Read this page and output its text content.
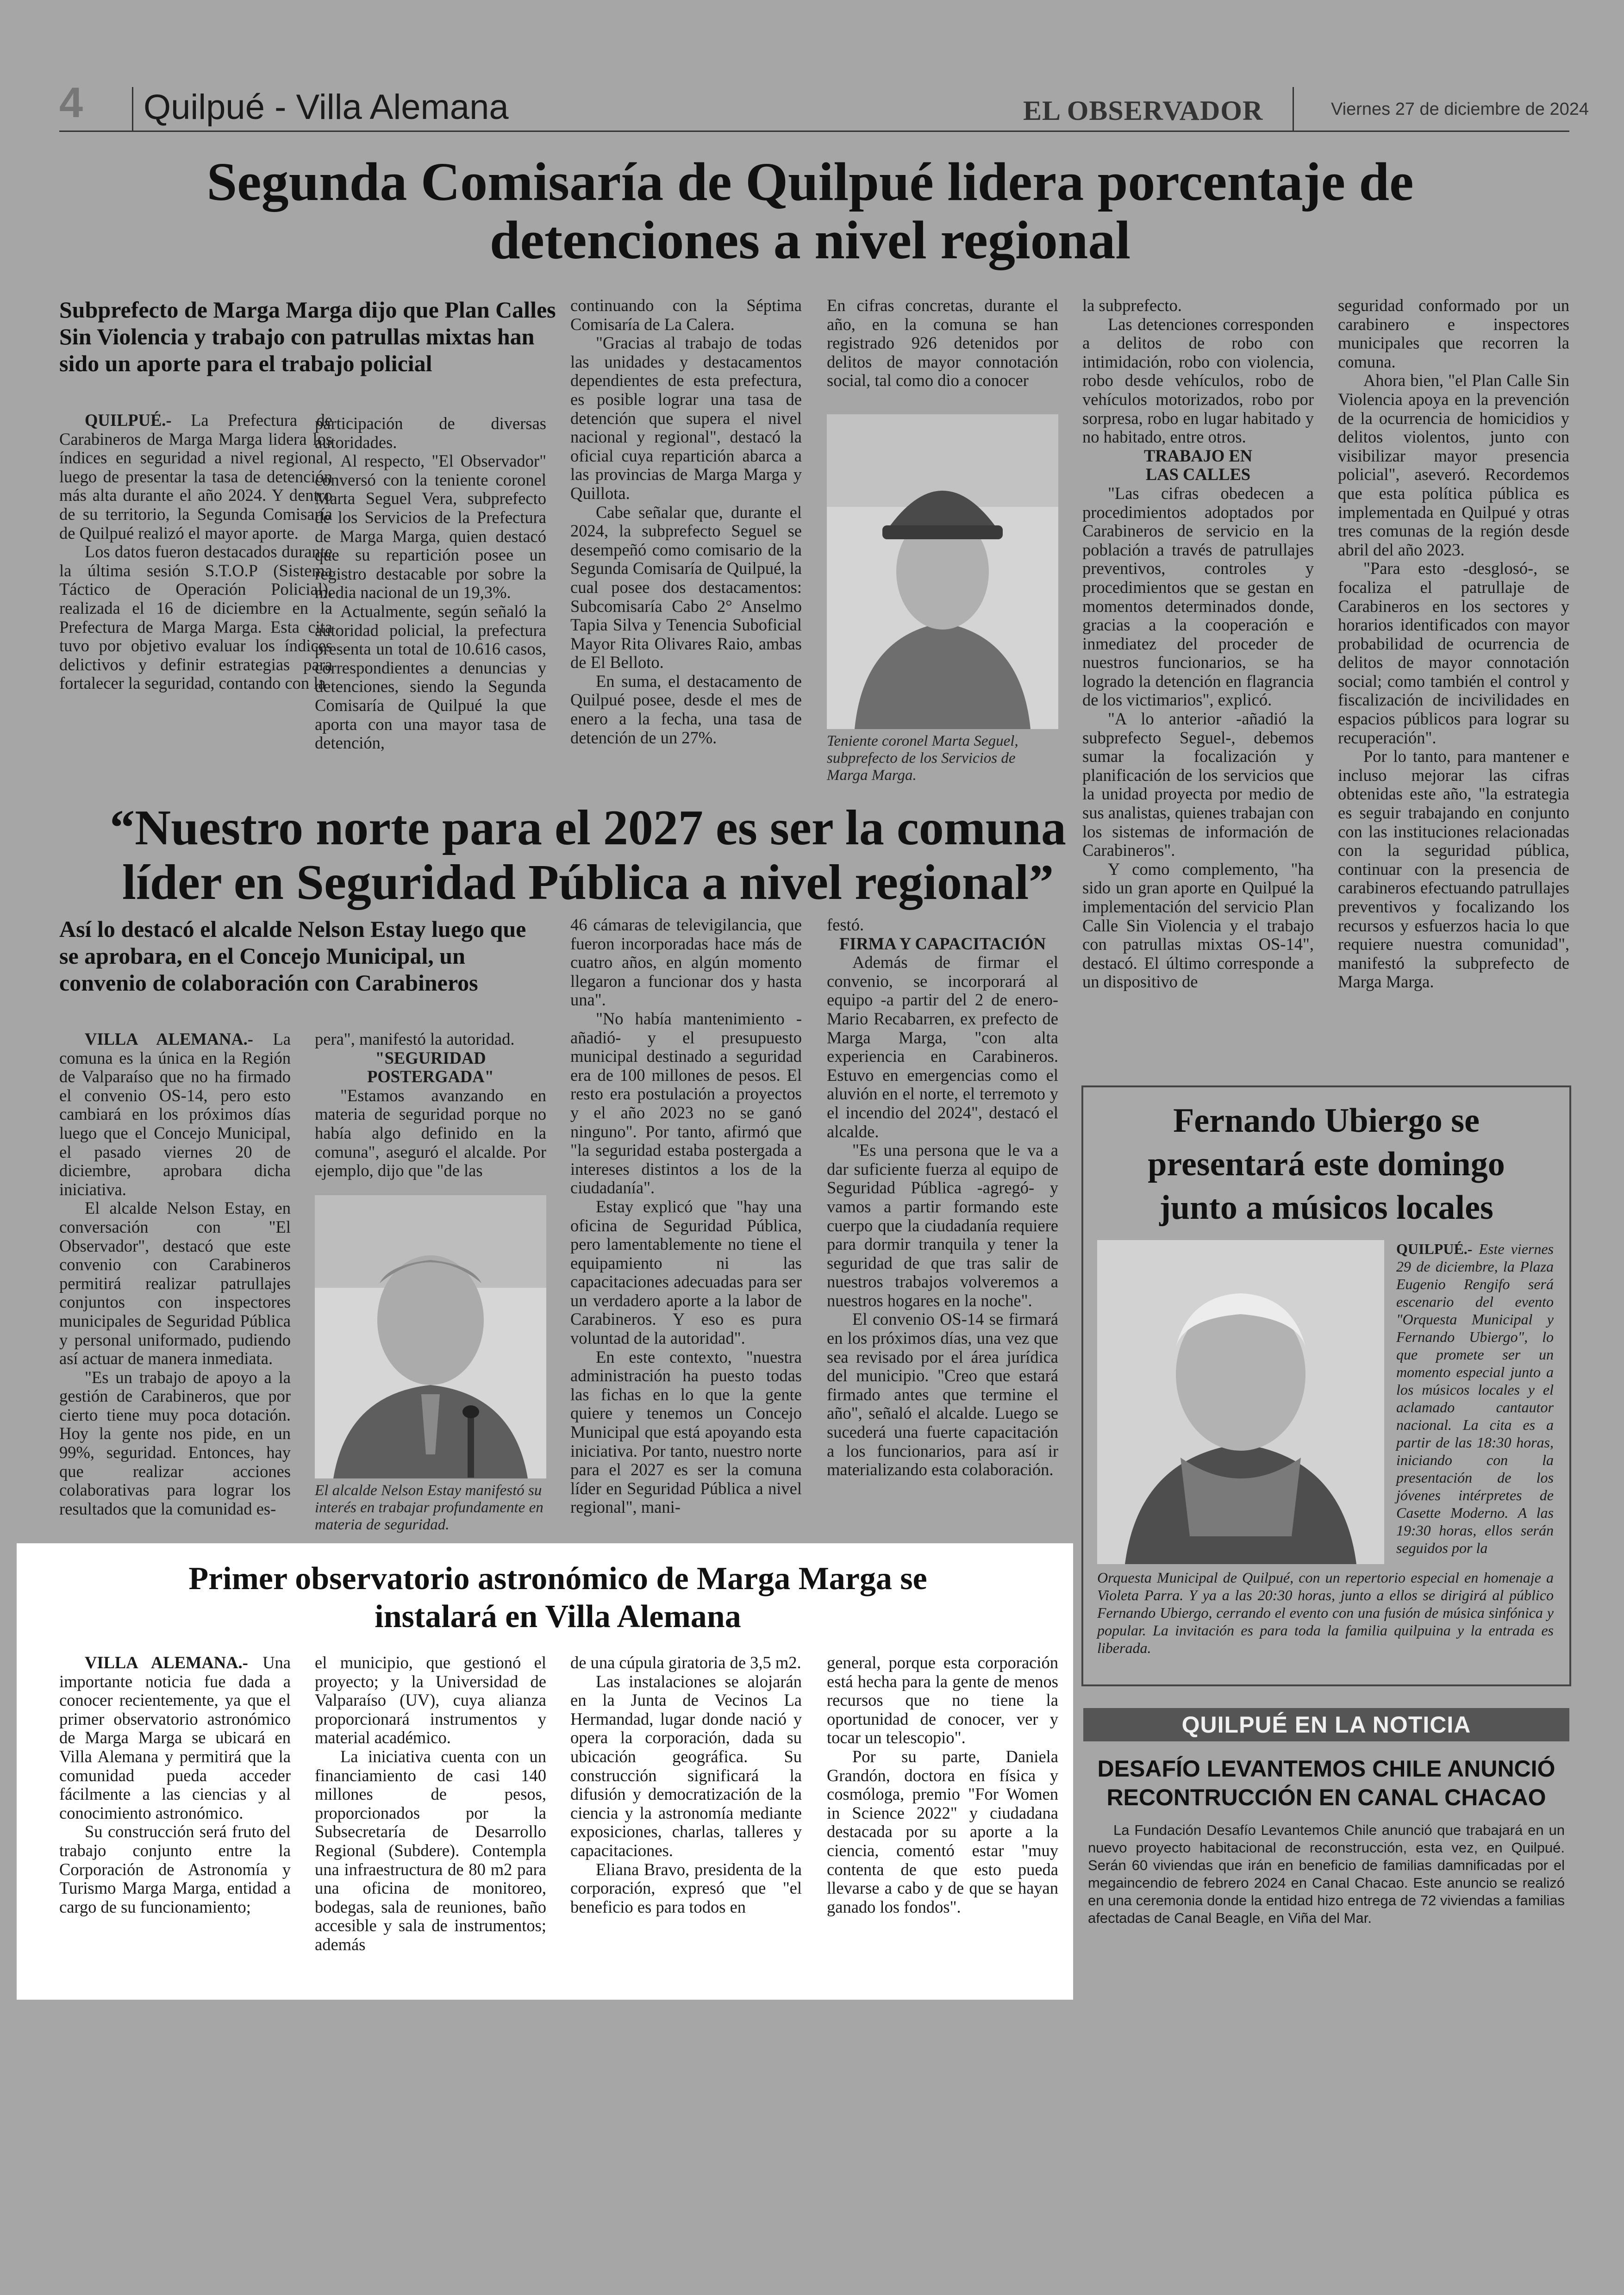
4 Quilpué - Villa Alemana	EL OBSERVADOR	Viernes 27 de diciembre de 2024
Segunda Comisaría de Quilpué lidera porcentaje de detenciones a nivel regional
Subprefecto de Marga Marga dijo que Plan Calles Sin Violencia y trabajo con patrullas mixtas han sido un aporte para el trabajo policial

QUILPUÉ.- La Prefectura de Carabineros de Marga Marga lidera los índices en seguridad a nivel regional, luego de presentar la tasa de detención más alta durante el año 2024. Y dentro de su territorio, la Segunda Comisaría de Quilpué realizó el mayor aporte.

Los datos fueron destacados durante la última sesión S.T.O.P (Sistema Táctico de Operación Policial), realizada el 16 de diciembre en la Prefectura de Marga Marga. Esta cita tuvo por objetivo evaluar los índices delictivos y definir estrategias para fortalecer la seguridad, contando con la

participación de diversas autoridades.

Al respecto, "El Observador" conversó con la teniente coronel Marta Seguel Vera, subprefecto de los Servicios de la Prefectura de Marga Marga, quien destacó que su repartición posee un registro destacable por sobre la media nacional de un 19,3%.

Actualmente, según señaló la autoridad policial, la prefectura presenta un total de 10.616 casos, correspondientes a denuncias y detenciones, siendo la Segunda Comisaría de Quilpué la que aporta con una mayor tasa de detención,

continuando con la Séptima Comisaría de La Calera.

"Gracias al trabajo de todas las unidades y destacamentos dependientes de esta prefectura, es posible lograr una tasa de detención que supera el nivel nacional y regional", destacó la oficial cuya repartición abarca a las provincias de Marga Marga y Quillota.

Cabe señalar que, durante el 2024, la subprefecto Seguel se desempeñó como comisario de la Segunda Comisaría de Quilpué, la cual posee dos destacamentos: Subcomisaría Cabo 2° Anselmo Tapia Silva y Tenencia Suboficial Mayor Rita Olivares Raio, ambas de El Belloto.

En suma, el destacamento de Quilpué posee, desde el mes de enero a la fecha, una tasa de detención de un 27%.

En cifras concretas, durante el año, en la comuna se han registrado 926 detenidos por delitos de mayor connotación social, tal como dio a conocer

Teniente coronel Marta Seguel, subprefecto de los Servicios de Marga Marga.

la subprefecto.

Las detenciones corresponden a delitos de robo con intimidación, robo con violencia, robo desde vehículos, robo de vehículos motorizados, robo por sorpresa, robo en lugar habitado y no habitado, entre otros.

TRABAJO EN LAS CALLES

"Las cifras obedecen a procedimientos adoptados por Carabineros de servicio en la población a través de patrullajes preventivos, controles y procedimientos que se gestan en momentos determinados donde, gracias a la cooperación e inmediatez del proceder de nuestros funcionarios, se ha logrado la detención en flagrancia de los victimarios", explicó.

"A lo anterior -añadió la subprefecto Seguel-, debemos sumar la focalización y planificación de los servicios que la unidad proyecta por medio de sus analistas, quienes trabajan con los sistemas de información de Carabineros".

Y como complemento, "ha sido un gran aporte en Quilpué la implementación del servicio Plan Calle Sin Violencia y el trabajo con patrullas mixtas OS-14", destacó. El último corresponde a un dispositivo de

seguridad conformado por un carabinero e inspectores municipales que recorren la comuna.

Ahora bien, "el Plan Calle Sin Violencia apoya en la prevención de la ocurrencia de homicidios y delitos violentos, junto con visibilizar mayor presencia policial", aseveró. Recordemos que esta política pública es implementada en Quilpué y otras tres comunas de la región desde abril del año 2023.

"Para esto -desglosó-, se focaliza el patrullaje de Carabineros en los sectores y horarios identificados con mayor probabilidad de ocurrencia de delitos de mayor connotación social; como también el control y fiscalización de incivilidades en espacios públicos para lograr su recuperación".

Por lo tanto, para mantener e incluso mejorar las cifras obtenidas este año, "la estrategia es seguir trabajando en conjunto con las instituciones relacionadas con la seguridad pública, continuar con la presencia de carabineros efectuando patrullajes preventivos y focalizando los recursos y esfuerzos hacia lo que requiere nuestra comunidad", manifestó la subprefecto de Marga Marga.

“Nuestro norte para el 2027 es ser la comuna líder en Seguridad Pública a nivel regional”
Así lo destacó el alcalde Nelson Estay luego que se aprobara, en el Concejo Municipal, un convenio de colaboración con Carabineros

VILLA ALEMANA.- La comuna es la única en la Región de Valparaíso que no ha firmado el convenio OS-14, pero esto cambiará en los próximos días luego que el Concejo Municipal, el pasado viernes 20 de diciembre, aprobara dicha iniciativa.

El alcalde Nelson Estay, en conversación con "El Observador", destacó que este convenio con Carabineros permitirá realizar patrullajes conjuntos con inspectores municipales de Seguridad Pública y personal uniformado, pudiendo así actuar de manera inmediata.

"Es un trabajo de apoyo a la gestión de Carabineros, que por cierto tiene muy poca dotación. Hoy la gente nos pide, en un 99%, seguridad. Entonces, hay que realizar acciones colaborativas para lograr los resultados que la comunidad es-

pera", manifestó la autoridad.

"SEGURIDAD POSTERGADA"

"Estamos avanzando en materia de seguridad porque no había algo definido en la comuna", aseguró el alcalde. Por ejemplo, dijo que "de las

El alcalde Nelson Estay manifestó su interés en trabajar profundamente en materia de seguridad.

46 cámaras de televigilancia, que fueron incorporadas hace más de cuatro años, en algún momento llegaron a funcionar dos y hasta una".

"No había mantenimiento -añadió- y el presupuesto municipal destinado a seguridad era de 100 millones de pesos. El resto era postulación a proyectos y el año 2023 no se ganó ninguno". Por tanto, afirmó que "la seguridad estaba postergada a intereses distintos a los de la ciudadanía".

Estay explicó que "hay una oficina de Seguridad Pública, pero lamentablemente no tiene el equipamiento ni las capacitaciones adecuadas para ser un verdadero aporte a la labor de Carabineros. Y eso es pura voluntad de la autoridad".

En este contexto, "nuestra administración ha puesto todas las fichas en lo que la gente quiere y tenemos un Concejo Municipal que está apoyando esta iniciativa. Por tanto, nuestro norte para el 2027 es ser la comuna líder en Seguridad Pública a nivel regional", mani-

festó.

FIRMA Y CAPACITACIÓN

Además de firmar el convenio, se incorporará al equipo -a partir del 2 de enero- Mario Recabarren, ex prefecto de Marga Marga, "con alta experiencia en Carabineros. Estuvo en emergencias como el aluvión en el norte, el terremoto y el incendio del 2024", destacó el alcalde.

"Es una persona que le va a dar suficiente fuerza al equipo de Seguridad Pública -agregó- y vamos a partir formando este cuerpo que la ciudadanía requiere para dormir tranquila y tener la seguridad de que tras salir de nuestros trabajos volveremos a nuestros hogares en la noche".

El convenio OS-14 se firmará en los próximos días, una vez que sea revisado por el área jurídica del municipio. "Creo que estará firmado antes que termine el año", señaló el alcalde. Luego se sucederá una fuerte capacitación a los funcionarios, para así ir materializando esta colaboración.

Fernando Ubiergo se presentará este domingo junto a músicos locales
QUILPUÉ.- Este viernes 29 de diciembre, la Plaza Eugenio Rengifo será escenario del evento "Orquesta Municipal y Fernando Ubiergo", lo que promete ser un momento especial junto a los músicos locales y el aclamado cantautor nacional. La cita es a partir de las 18:30 horas, iniciando con la presentación de los jóvenes intérpretes de Casette Moderno. A las 19:30 horas, ellos serán seguidos por la
Orquesta Municipal de Quilpué, con un repertorio especial en homenaje a Violeta Parra. Y ya a las 20:30 horas, junto a ellos se dirigirá al público Fernando Ubiergo, cerrando el evento con una fusión de música sinfónica y popular. La invitación es para toda la familia quilpuina y la entrada es liberada.
QUILPUÉ EN LA NOTICIA
DESAFÍO LEVANTEMOS CHILE ANUNCIÓ RECONTRUCCIÓN EN CANAL CHACAO
La Fundación Desafío Levantemos Chile anunció que trabajará en un nuevo proyecto habitacional de reconstrucción, esta vez, en Quilpué. Serán 60 viviendas que irán en beneficio de familias damnificadas por el megaincendio de febrero 2024 en Canal Chacao. Este anuncio se realizó en una ceremonia donde la entidad hizo entrega de 72 viviendas a familias afectadas de Canal Beagle, en Viña del Mar.
Primer observatorio astronómico de Marga Marga se instalará en Villa Alemana

VILLA ALEMANA.- Una importante noticia fue dada a conocer recientemente, ya que el primer observatorio astronómico de Marga Marga se ubicará en Villa Alemana y permitirá que la comunidad pueda acceder fácilmente a las ciencias y al conocimiento astronómico.

Su construcción será fruto del trabajo conjunto entre la Corporación de Astronomía y Turismo Marga Marga, entidad a cargo de su funcionamiento;

el municipio, que gestionó el proyecto; y la Universidad de Valparaíso (UV), cuya alianza proporcionará instrumentos y material académico.

La iniciativa cuenta con un financiamiento de casi 140 millones de pesos, proporcionados por la Subsecretaría de Desarrollo Regional (Subdere). Contempla una infraestructura de 80 m2 para una oficina de monitoreo, bodegas, sala de reuniones, baño accesible y sala de instrumentos; además

de una cúpula giratoria de 3,5 m2.

Las instalaciones se alojarán en la Junta de Vecinos La Hermandad, lugar donde nació y opera la corporación, dada su ubicación geográfica. Su construcción significará la difusión y democratización de la ciencia y la astronomía mediante exposiciones, charlas, talleres y capacitaciones.

Eliana Bravo, presidenta de la corporación, expresó que "el beneficio es para todos en

general, porque esta corporación está hecha para la gente de menos recursos que no tiene la oportunidad de conocer, ver y tocar un telescopio".

Por su parte, Daniela Grandón, doctora en física y cosmóloga, premio "For Women in Science 2022" y ciudadana destacada por su aporte a la ciencia, comentó estar "muy contenta de que esto pueda llevarse a cabo y de que se hayan ganado los fondos".
